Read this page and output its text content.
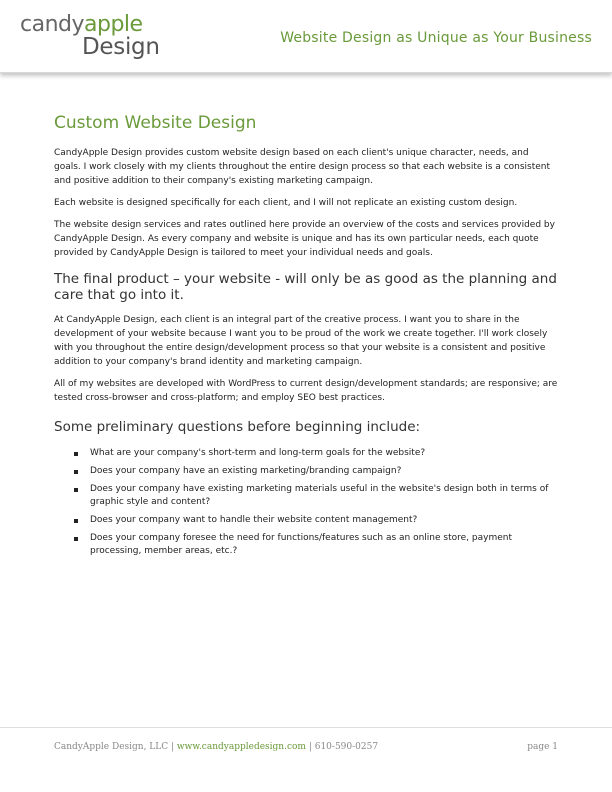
candyapple
Design	Website Design as Unique as Your Business
Custom Website Design

CandyApple Design provides custom website design based on each client's unique character, needs, and goals. I work closely with my clients throughout the entire design process so that each website is a consistent and positive addition to their company's existing marketing campaign.

Each website is designed specifically for each client, and I will not replicate an existing custom design.

The website design services and rates outlined here provide an overview of the costs and services provided by CandyApple Design. As every company and website is unique and has its own particular needs, each quote provided by CandyApple Design is tailored to meet your individual needs and goals.

The final product – your website - will only be as good as the planning and care that go into it.

At CandyApple Design, each client is an integral part of the creative process. I want you to share in the development of your website because I want you to be proud of the work we create together. I'll work closely with you throughout the entire design/development process so that your website is a consistent and positive addition to your company's brand identity and marketing campaign.

All of my websites are developed with WordPress to current design/development standards; are responsive; are tested cross-browser and cross-platform; and employ SEO best practices.

Some preliminary questions before beginning include:
What are your company's short-term and long-term goals for the website?
Does your company have an existing marketing/branding campaign?
Does your company have existing marketing materials useful in the website's design both in terms of graphic style and content?
Does your company want to handle their website content management?
Does your company foresee the need for functions/features such as an online store, payment processing, member areas, etc.?
CandyApple Design, LLC | www.candyappledesign.com | 610-590-0257	page 1
